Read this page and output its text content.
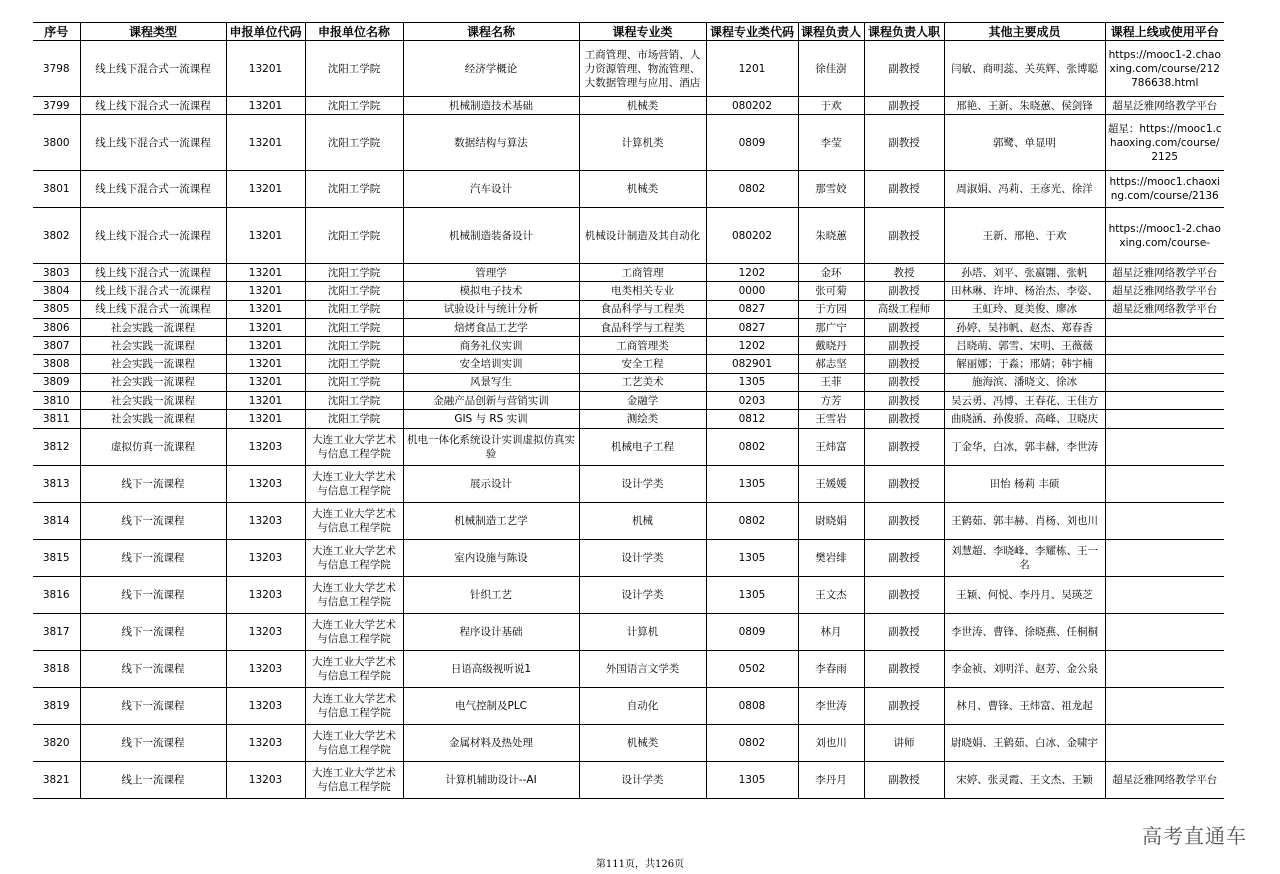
序号	课程类型	申报单位代码	申报单位名称	课程名称	课程专业类	课程专业类代码	课程负责人	课程负责人职	其他主要成员	课程上线或使用平台
3798	线上线下混合式一流课程	13201	沈阳工学院	经济学概论	工商管理、市场营销、人力资源管理、物流管理、大数据管理与应用、酒店	1201	徐佳澍	副教授	闫敏、商明蕊、关英辉、张博聪	https://mooc1-2.chaoxing.com/course/212786638.html
3799	线上线下混合式一流课程	13201	沈阳工学院	机械制造技术基础	机械类	080202	于欢	副教授	邢艳、王新、朱晓蕙、侯剑锋	超星泛雅网络教学平台
3800	线上线下混合式一流课程	13201	沈阳工学院	数据结构与算法	计算机类	0809	李莹	副教授	郭鹭、单显明	超星：https://mooc1.chaoxing.com/course/2125
3801	线上线下混合式一流课程	13201	沈阳工学院	汽车设计	机械类	0802	那雪姣	副教授	周淑娟、冯莉、王彦光、徐洋	https://mooc1.chaoxing.com/course/2136
3802	线上线下混合式一流课程	13201	沈阳工学院	机械制造装备设计	机械设计制造及其自动化	080202	朱晓蕙	副教授	王新、邢艳、于欢	https://mooc1-2.chaoxing.com/course-
3803	线上线下混合式一流课程	13201	沈阳工学院	管理学	工商管理	1202	金环	教授	孙塔、刘平、张嬴翾、张帆	超星泛雅网络教学平台
3804	线上线下混合式一流课程	13201	沈阳工学院	模拟电子技术	电类相关专业	0000	张可菊	副教授	田林琳、许坤、杨治杰、李姿、	超星泛雅网络教学平台
3805	线上线下混合式一流课程	13201	沈阳工学院	试验设计与统计分析	食品科学与工程类	0827	于方园	高级工程师	王虹玲、夏美俊、廖冰	超星泛雅网络教学平台
3806	社会实践一流课程	13201	沈阳工学院	焙烤食品工艺学	食品科学与工程类	0827	那广宁	副教授	孙婷、吴祎帆、赵杰、郑春香	
3807	社会实践一流课程	13201	沈阳工学院	商务礼仪实训	工商管理类	1202	戴晓丹	副教授	吕晓萌、郭雪、宋明、王薇薇	
3808	社会实践一流课程	13201	沈阳工学院	安全培训实训	安全工程	082901	郝志坚	副教授	解丽娜；于淼；邢婧；韩宇楠	
3809	社会实践一流课程	13201	沈阳工学院	风景写生	工艺美术	1305	王菲	副教授	施海滨、潘晓文、徐冰	
3810	社会实践一流课程	13201	沈阳工学院	金融产品创新与营销实训	金融学	0203	方芳	副教授	吴云勇、冯博、王春花、王佳方	
3811	社会实践一流课程	13201	沈阳工学院	GIS 与 RS 实训	测绘类	0812	王雪岩	副教授	曲晓涵、孙俊骄、高峰、卫晓庆	
3812	虚拟仿真一流课程	13203	大连工业大学艺术与信息工程学院	机电一体化系统设计实训虚拟仿真实验	机械电子工程	0802	王炜富	副教授	丁金华，白冰，郭丰赫，李世涛	
3813	线下一流课程	13203	大连工业大学艺术与信息工程学院	展示设计	设计学类	1305	王媛媛	副教授	田怡 杨莉 丰硕	
3814	线下一流课程	13203	大连工业大学艺术与信息工程学院	机械制造工艺学	机械	0802	尉晓娟	副教授	王鹤茹、郭丰赫、肖杨、刘也川	
3815	线下一流课程	13203	大连工业大学艺术与信息工程学院	室内设施与陈设	设计学类	1305	樊岩绯	副教授	刘慧超、李晓峰、李耀栋、王一名	
3816	线下一流课程	13203	大连工业大学艺术与信息工程学院	针织工艺	设计学类	1305	王文杰	副教授	王颖、何悦、李丹月、吴瑛芝	
3817	线下一流课程	13203	大连工业大学艺术与信息工程学院	程序设计基础	计算机	0809	林月	副教授	李世涛、曹锋、徐晓燕、任桐桐	
3818	线下一流课程	13203	大连工业大学艺术与信息工程学院	日语高级视听说1	外国语言文学类	0502	李春雨	副教授	李金祯、刘明洋、赵芳、金公泉	
3819	线下一流课程	13203	大连工业大学艺术与信息工程学院	电气控制及PLC	自动化	0808	李世涛	副教授	林月、曹锋、王炜富、祖龙起	
3820	线下一流课程	13203	大连工业大学艺术与信息工程学院	金属材料及热处理	机械类	0802	刘也川	讲师	尉晓娟、王鹤茹、白冰、金啸宇	
3821	线上一流课程	13203	大连工业大学艺术与信息工程学院	计算机辅助设计--AI	设计学类	1305	李丹月	副教授	宋婷、张灵霞、王文杰、王颖	超星泛雅网络教学平台
第111页，共126页
高考直通车
